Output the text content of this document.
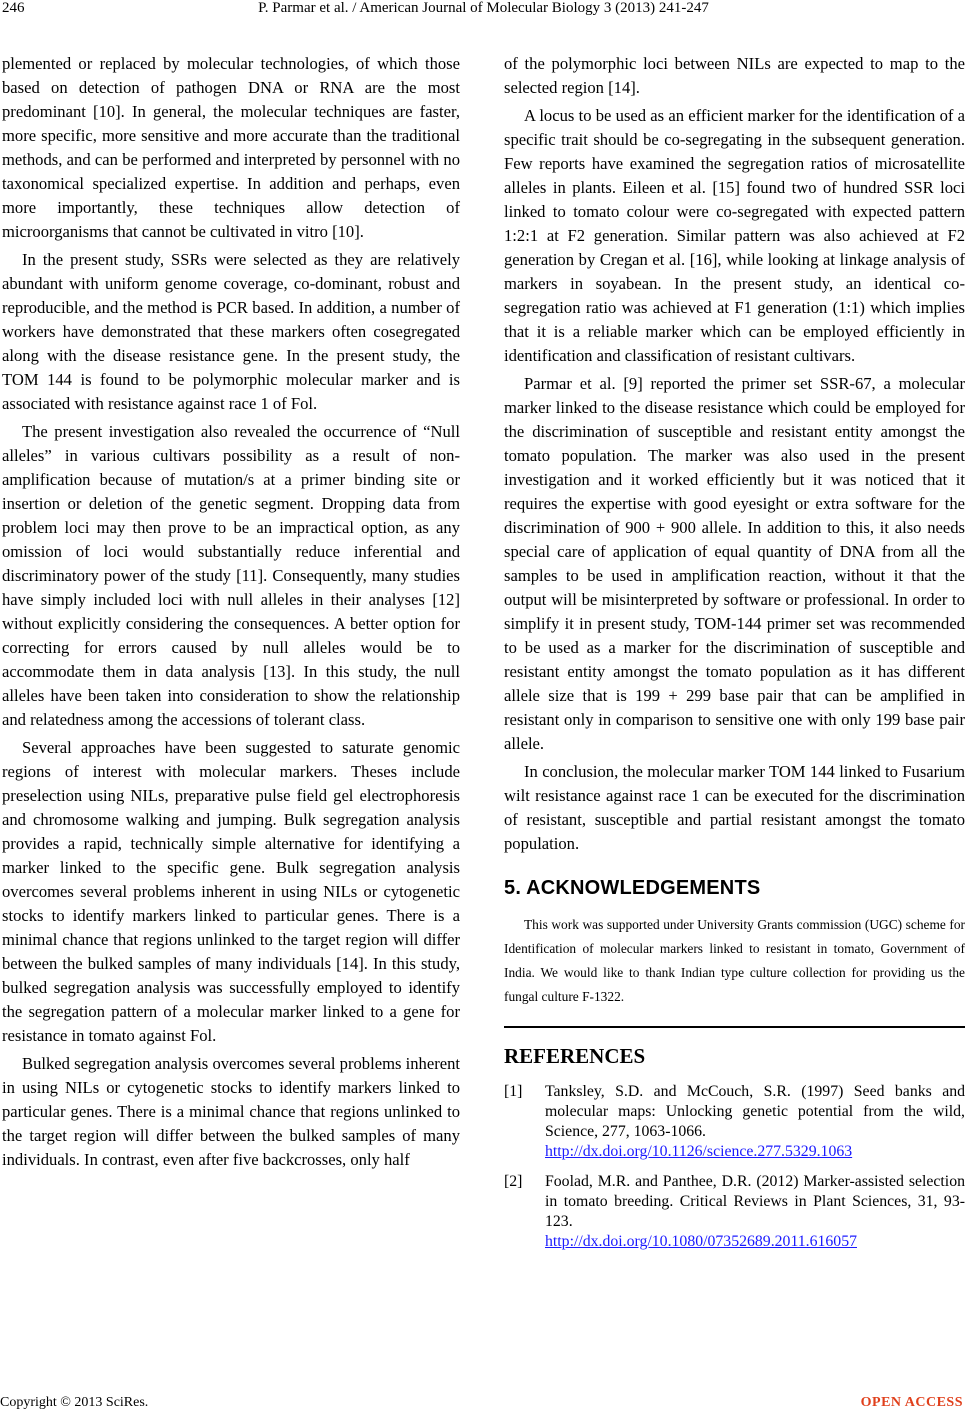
246	P. Parmar et al. / American Journal of Molecular Biology 3 (2013) 241-247

plemented or replaced by molecular technologies, of which those based on detection of pathogen DNA or RNA are the most predominant [10]. In general, the molecular techniques are faster, more specific, more sensitive and more accurate than the traditional methods, and can be performed and interpreted by personnel with no taxonomical specialized expertise. In addition and perhaps, even more importantly, these techniques allow detection of microorganisms that cannot be cultivated in vitro [10].

In the present study, SSRs were selected as they are relatively abundant with uniform genome coverage, co-dominant, robust and reproducible, and the method is PCR based. In addition, a number of workers have demonstrated that these markers often cosegregated along with the disease resistance gene. In the present study, the TOM 144 is found to be polymorphic molecular marker and is associated with resistance against race 1 of Fol.

The present investigation also revealed the occurrence of “Null alleles” in various cultivars possibility as a result of non-amplification because of mutation/s at a primer binding site or insertion or deletion of the genetic segment. Dropping data from problem loci may then prove to be an impractical option, as any omission of loci would substantially reduce inferential and discriminatory power of the study [11]. Consequently, many studies have simply included loci with null alleles in their analyses [12] without explicitly considering the consequences. A better option for correcting for errors caused by null alleles would be to accommodate them in data analysis [13]. In this study, the null alleles have been taken into consideration to show the relationship and relatedness among the accessions of tolerant class.

Several approaches have been suggested to saturate genomic regions of interest with molecular markers. Theses include preselection using NILs, preparative pulse field gel electrophoresis and chromosome walking and jumping. Bulk segregation analysis provides a rapid, technically simple alternative for identifying a marker linked to the specific gene. Bulk segregation analysis overcomes several problems inherent in using NILs or cytogenetic stocks to identify markers linked to particular genes. There is a minimal chance that regions unlinked to the target region will differ between the bulked samples of many individuals [14]. In this study, bulked segregation analysis was successfully employed to identify the segregation pattern of a molecular marker linked to a gene for resistance in tomato against Fol.

Bulked segregation analysis overcomes several problems inherent in using NILs or cytogenetic stocks to identify markers linked to particular genes. There is a minimal chance that regions unlinked to the target region will differ between the bulked samples of many individuals. In contrast, even after five backcrosses, only half

of the polymorphic loci between NILs are expected to map to the selected region [14].

A locus to be used as an efficient marker for the identification of a specific trait should be co-segregating in the subsequent generation. Few reports have examined the segregation ratios of microsatellite alleles in plants. Eileen et al. [15] found two of hundred SSR loci linked to tomato colour were co-segregated with expected pattern 1:2:1 at F2 generation. Similar pattern was also achieved at F2 generation by Cregan et al. [16], while looking at linkage analysis of markers in soyabean. In the present study, an identical co-segregation ratio was achieved at F1 generation (1:1) which implies that it is a reliable marker which can be employed efficiently in identification and classification of resistant cultivars.

Parmar et al. [9] reported the primer set SSR-67, a molecular marker linked to the disease resistance which could be employed for the discrimination of susceptible and resistant entity amongst the tomato population. The marker was also used in the present investigation and it worked efficiently but it was noticed that it requires the expertise with good eyesight or extra software for the discrimination of 900 + 900 allele. In addition to this, it also needs special care of application of equal quantity of DNA from all the samples to be used in amplification reaction, without it that the output will be misinterpreted by software or professional. In order to simplify it in present study, TOM-144 primer set was recommended to be used as a marker for the discrimination of susceptible and resistant entity amongst the tomato population as it has different allele size that is 199 + 299 base pair that can be amplified in resistant only in comparison to sensitive one with only 199 base pair allele.

In conclusion, the molecular marker TOM 144 linked to Fusarium wilt resistance against race 1 can be executed for the discrimination of resistant, susceptible and partial resistant amongst the tomato population.

5. ACKNOWLEDGEMENTS

This work was supported under University Grants commission (UGC) scheme for Identification of molecular markers linked to resistant in tomato, Government of India. We would like to thank Indian type culture collection for providing us the fungal culture F-1322.

REFERENCES
[1] Tanksley, S.D. and McCouch, S.R. (1997) Seed banks and molecular maps: Unlocking genetic potential from the wild, Science, 277, 1063-1066.
http://dx.doi.org/10.1126/science.277.5329.1063
[2] Foolad, M.R. and Panthee, D.R. (2012) Marker-assisted selection in tomato breeding. Critical Reviews in Plant Sciences, 31, 93-123.
http://dx.doi.org/10.1080/07352689.2011.616057
Copyright © 2013 SciRes.	OPEN ACCESS
